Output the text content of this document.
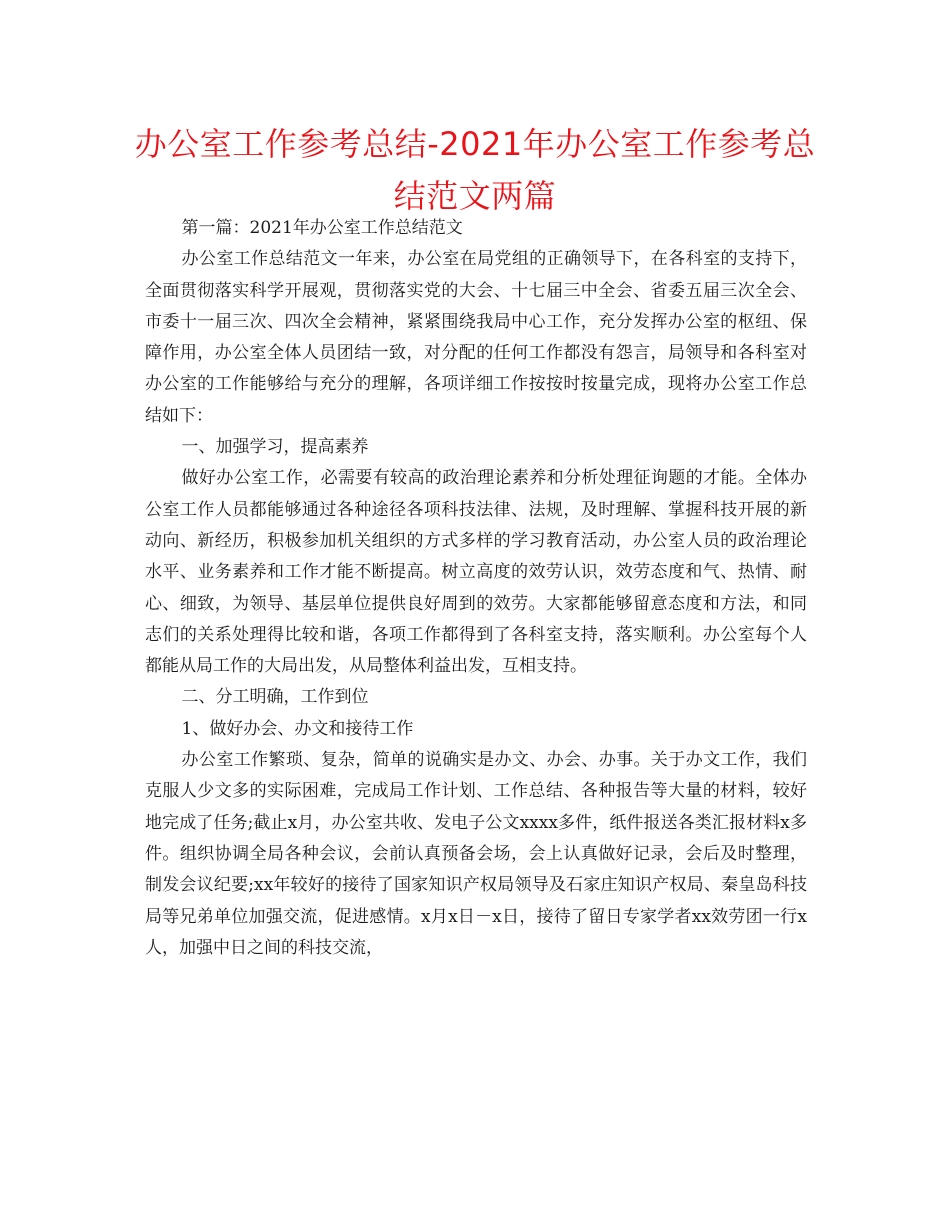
办公室工作参考总结-2021年办公室工作参考总结范文两篇

第一篇：2021年办公室工作总结范文

办公室工作总结范文一年来，办公室在局党组的正确领导下，在各科室的支持下，全面贯彻落实科学开展观，贯彻落实党的大会、十七届三中全会、省委五届三次全会、市委十一届三次、四次全会精神，紧紧围绕我局中心工作，充分发挥办公室的枢纽、保障作用，办公室全体人员团结一致，对分配的任何工作都没有怨言，局领导和各科室对办公室的工作能够给与充分的理解，各项详细工作按按时按量完成，现将办公室工作总结如下：

一、加强学习，提高素养

做好办公室工作，必需要有较高的政治理论素养和分析处理征询题的才能。全体办公室工作人员都能够通过各种途径各项科技法律、法规，及时理解、掌握科技开展的新动向、新经历，积极参加机关组织的方式多样的学习教育活动，办公室人员的政治理论水平、业务素养和工作才能不断提高。树立高度的效劳认识，效劳态度和气、热情、耐心、细致，为领导、基层单位提供良好周到的效劳。大家都能够留意态度和方法，和同志们的关系处理得比较和谐，各项工作都得到了各科室支持，落实顺利。办公室每个人都能从局工作的大局出发，从局整体利益出发，互相支持。

二、分工明确，工作到位

1、做好办会、办文和接待工作

办公室工作繁琐、复杂，简单的说确实是办文、办会、办事。关于办文工作，我们克服人少文多的实际困难，完成局工作计划、工作总结、各种报告等大量的材料，较好地完成了任务;截止x月，办公室共收、发电子公文xxxx多件，纸件报送各类汇报材料x多件。组织协调全局各种会议，会前认真预备会场，会上认真做好记录，会后及时整理，制发会议纪要;xx年较好的接待了国家知识产权局领导及石家庄知识产权局、秦皇岛科技局等兄弟单位加强交流，促进感情。x月x日－x日，接待了留日专家学者xx效劳团一行x人，加强中日之间的科技交流，
